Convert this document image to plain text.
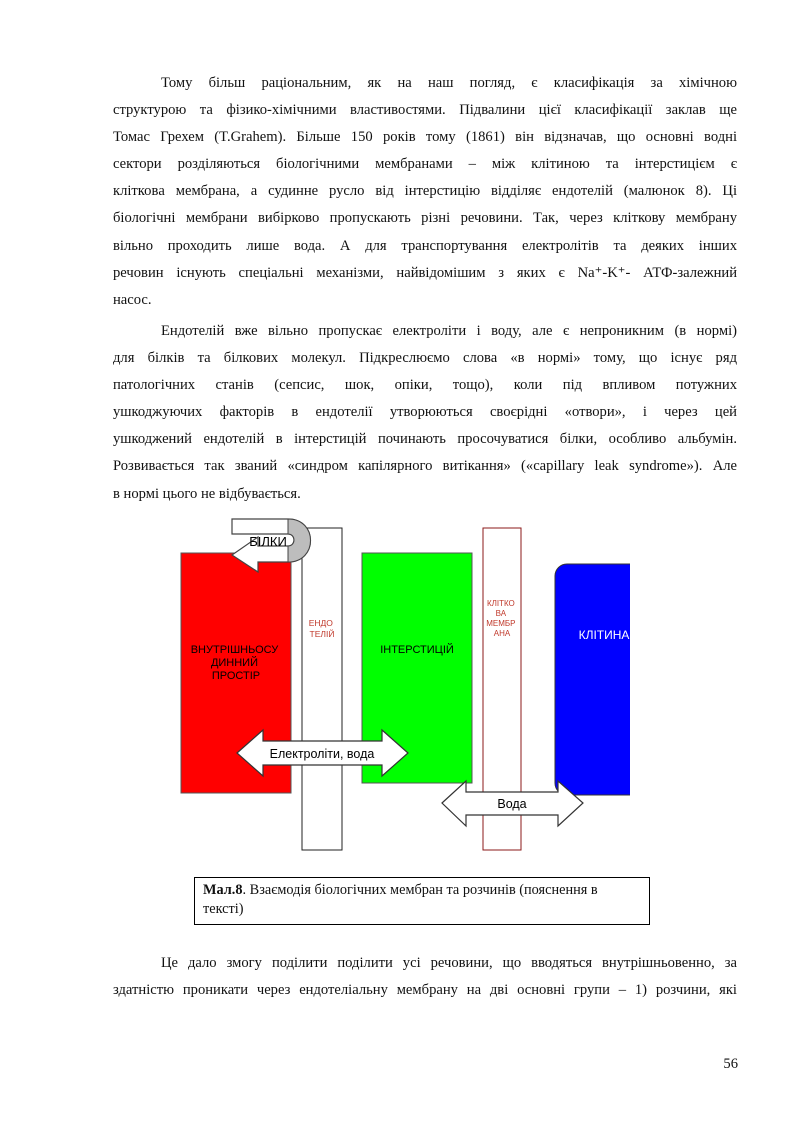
Тому більш раціональним, як на наш погляд, є класифікація за хімічною
структурою та фізико-хімічними властивостями. Підвалини цієї класифікації заклав ще
Томас Грехем (T.Grahem). Більше 150 років тому (1861) він відзначав, що основні водні
сектори розділяються біологічними мембранами – між клітиною та інтерстицієм є
клітковa мембрана, а судинне русло від інтерстицію відділяє ендотелій (малюнок 8). Ці
біологічні мембрани вибірково пропускають різні речовини. Так, через кліткову мембрану
вільно проходить лише вода. А для транспортування електролітів та деяких інших
речовин існують спеціальні механізми, найвідомішим з яких є Na⁺-K⁺- АТФ-залежний
насос.
Ендотелій вже вільно пропускає електроліти і воду, але є непроникним (в нормі)
для білків та білкових молекул. Підкреслюємо слова «в нормі» тому, що існує ряд
патологічних станів (сепсис, шок, опіки, тощо), коли під впливом потужних
ушкоджуючих факторів в ендотелії утворюються своєрідні «отвори», і через цей
ушкоджений ендотелій в інтерстицій починають просочуватися білки, особливо альбумін.
Розвивається так званий «синдром капілярного витікання» («capillary leak syndrome»). Але
в нормі цього не відбувається.
ВНУТРІШНЬОСУ ДИННИЙ ПРОСТІР
ЕНДО ТЕЛІЙ
ІНТЕРСТИЦІЙ
КЛІТКО ВА МЕМБР АНА	КЛІТИНА
БІЛКИ
Електроліти, вода
Вода
Мал.8. Взаємодія біологічних мембран та розчинів (пояснення в тексті)
Це дало змогу поділити поділити усі речовини, що вводяться внутрішньовенно, за
здатністю проникати через ендотеліальну мембрану на дві основні групи – 1) розчини, які
56
